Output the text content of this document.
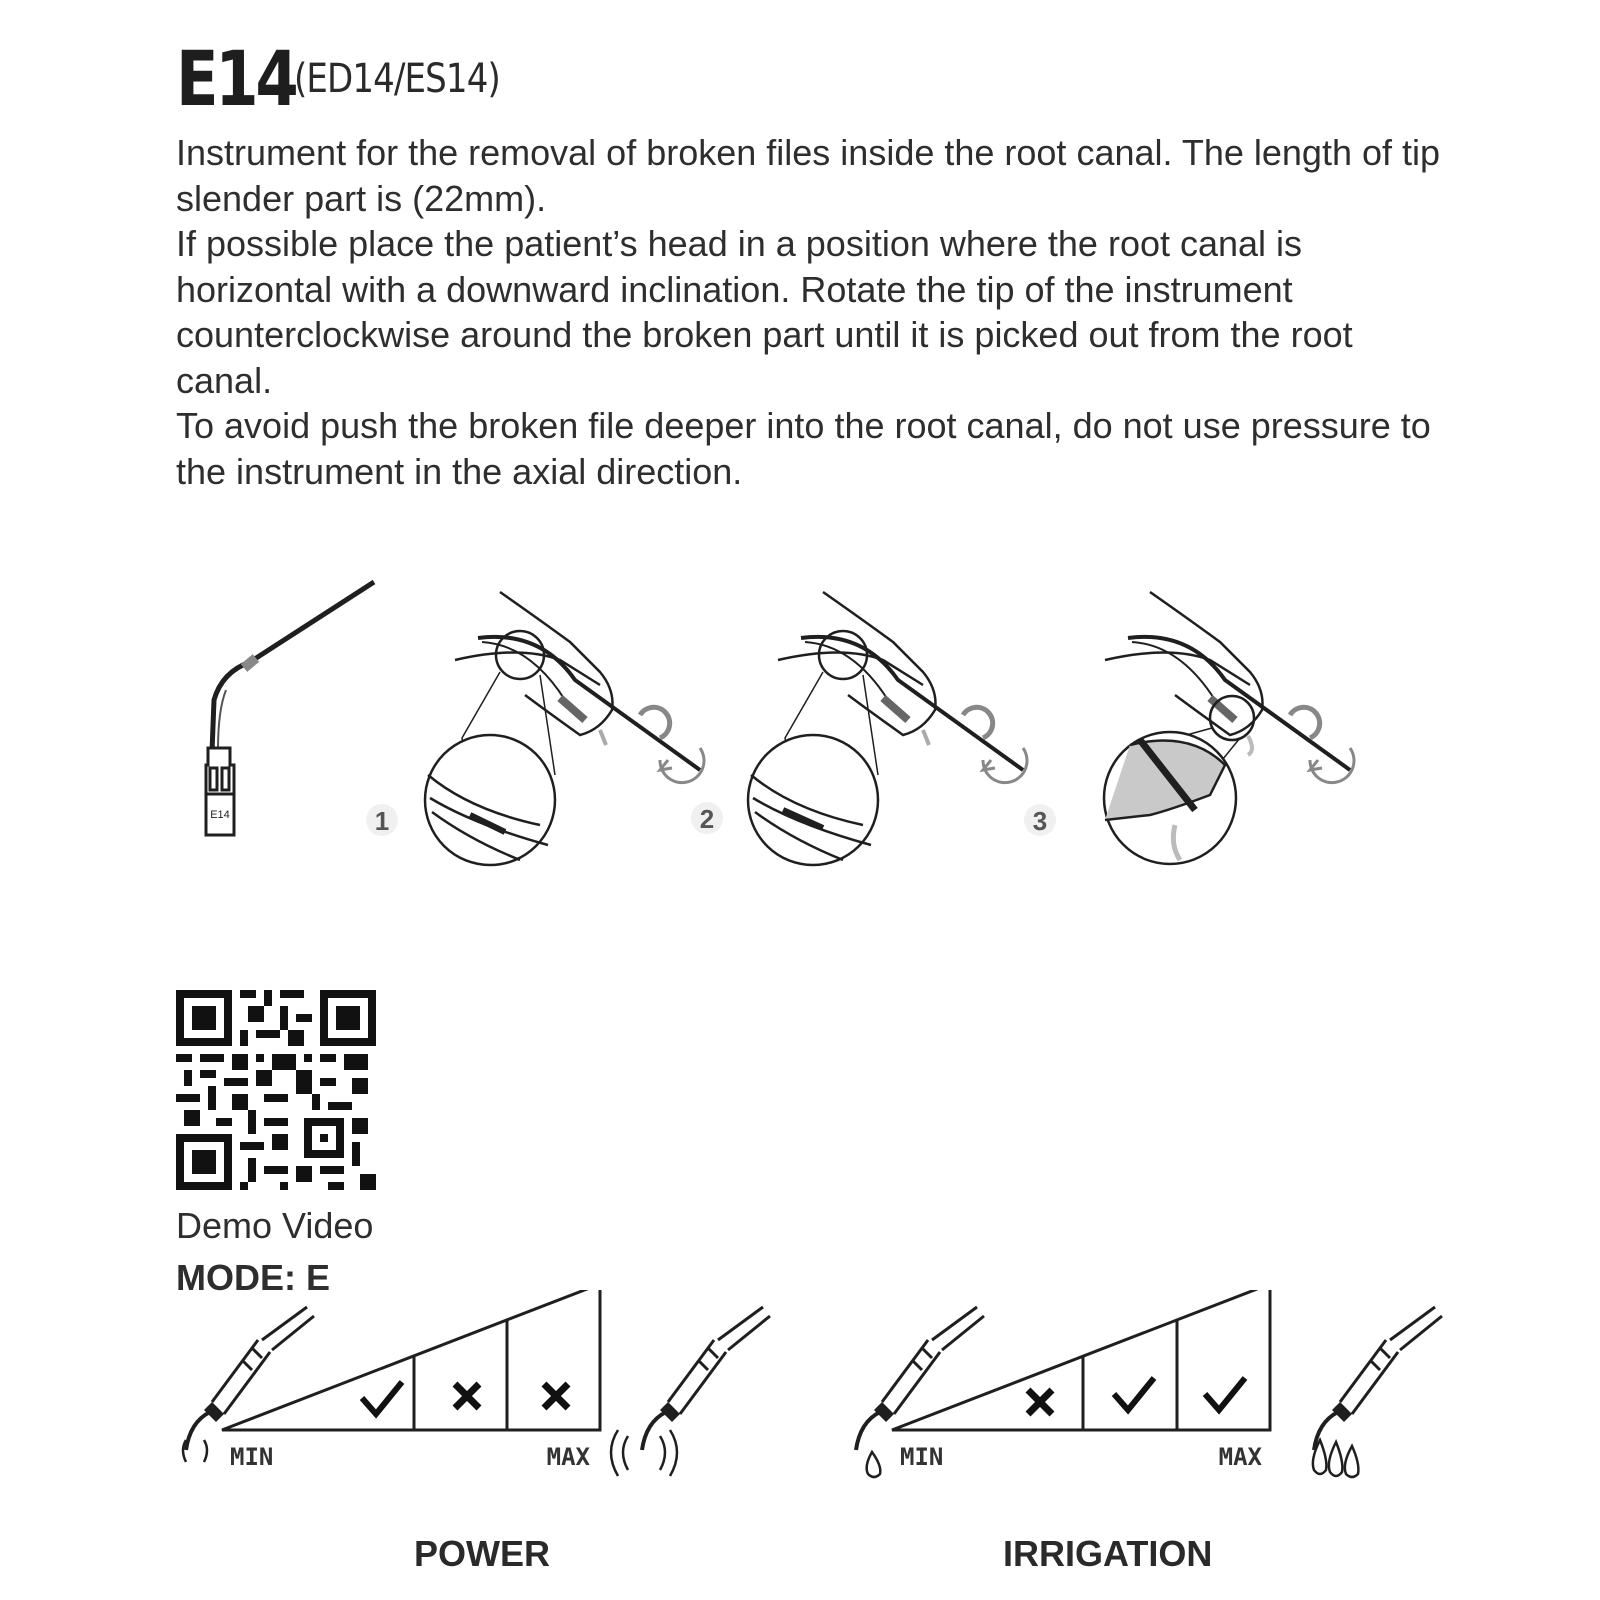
E14
(ED14/ES14)

Instrument for the removal of broken files inside the root canal. The length of tip slender part is (22mm).

If possible place the patient’s head in a position where the root canal is horizontal with a downward inclination. Rotate the tip of the instrument counterclockwise around the broken part until it is picked out from the root canal.

To avoid push the broken file deeper into the root canal, do not use pressure to the instrument in the axial direction.

E14	1	2	3
Demo Video
MODE: E
MIN	MAX	MIN	MAX
POWER	IRRIGATION
